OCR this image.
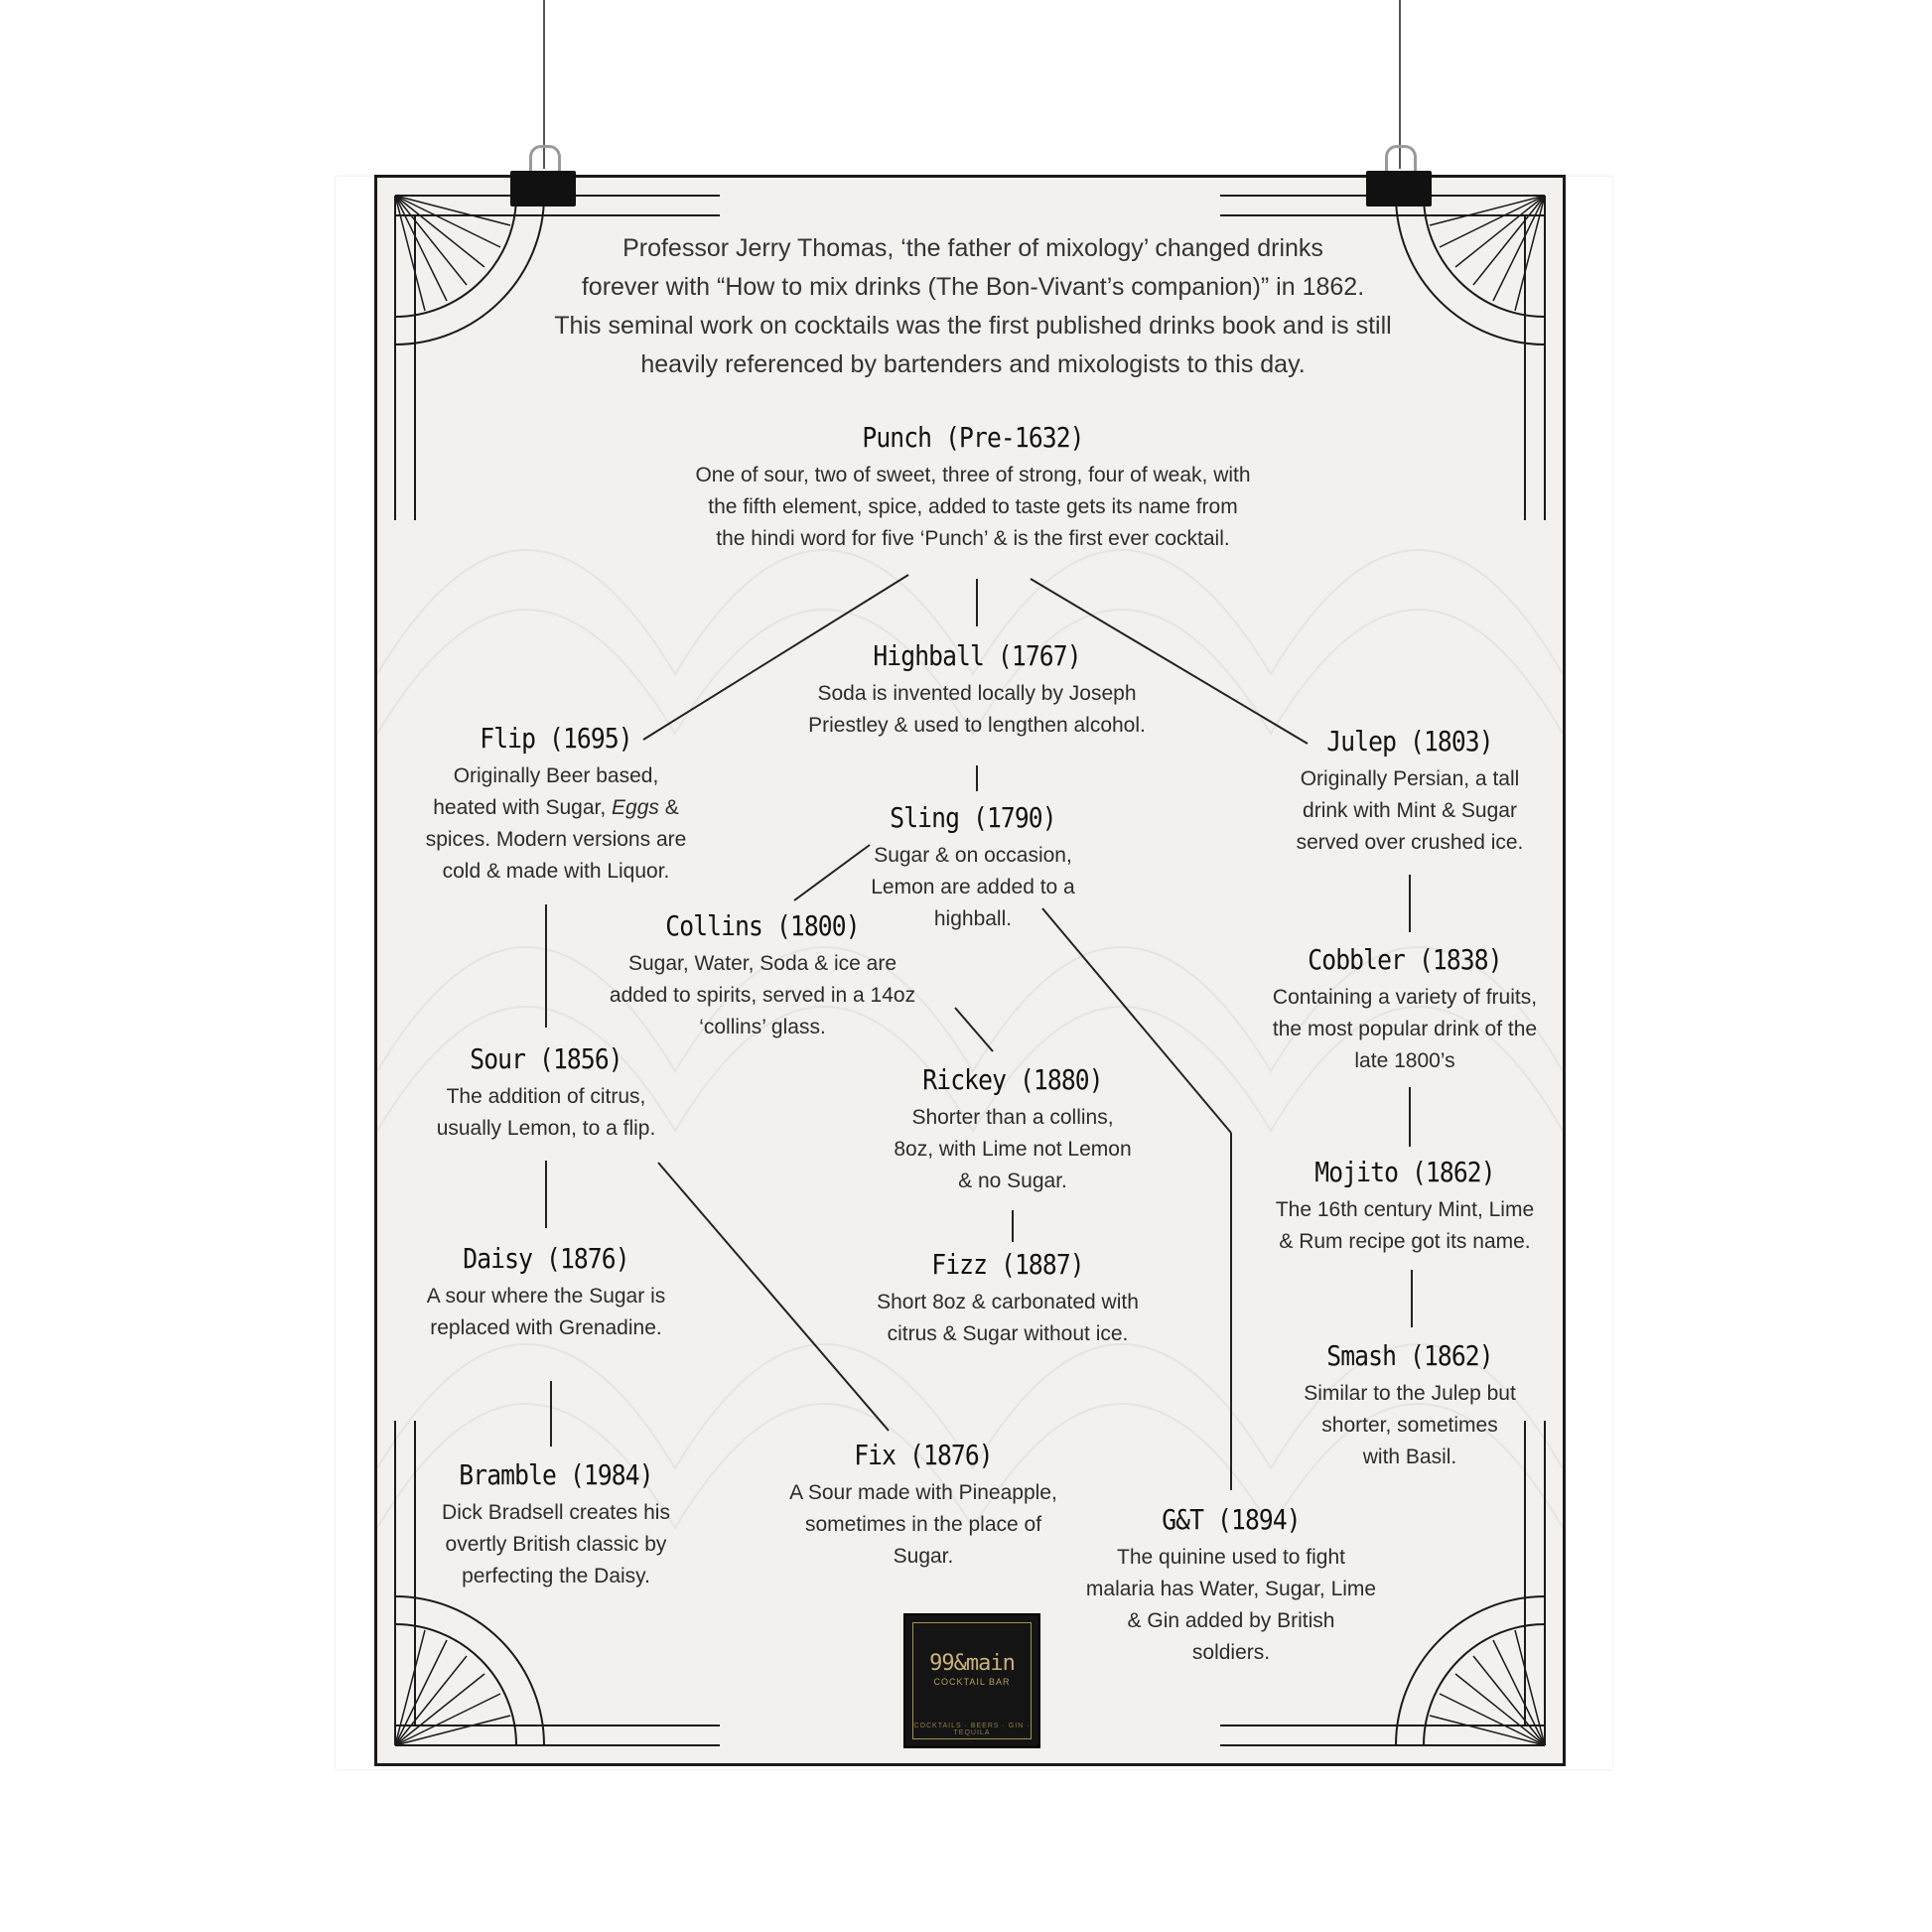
Professor Jerry Thomas, ‘the father of mixology’ changed drinks
forever with “How to mix drinks (The Bon-Vivant’s companion)” in 1862.
This seminal work on cocktails was the first published drinks book and is still
heavily referenced by bartenders and mixologists to this day.

Punch (Pre-1632)

One of sour, two of sweet, three of strong, four of weak, with
the fifth element, spice, added to taste gets its name from
the hindi word for five ‘Punch’ & is the first ever cocktail.

Highball (1767)

Soda is invented locally by Joseph
Priestley & used to lengthen alcohol.

Flip (1695)

Originally Beer based,
heated with Sugar, Eggs &
spices. Modern versions are
cold & made with Liquor.

Julep (1803)

Originally Persian, a tall
drink with Mint & Sugar
served over crushed ice.

Sling (1790)

Sugar & on occasion,
Lemon are added to a
highball.

Collins (1800)

Sugar, Water, Soda & ice are
added to spirits, served in a 14oz
‘collins’ glass.

Cobbler (1838)

Containing a variety of fruits,
the most popular drink of the
late 1800’s

Sour (1856)

The addition of citrus,
usually Lemon, to a flip.

Rickey (1880)

Shorter than a collins,
8oz, with Lime not Lemon
& no Sugar.	Mojito (1862)

The 16th century Mint, Lime
& Rum recipe got its name.

Daisy (1876)

A sour where the Sugar is
replaced with Grenadine.

Fizz (1887)

Short 8oz & carbonated with
citrus & Sugar without ice.

Smash (1862)

Similar to the Julep but
shorter, sometimes
with Basil.

Fix (1876)

A Sour made with Pineapple,
sometimes in the place of
Sugar.

Bramble (1984)

Dick Bradsell creates his
overtly British classic by
perfecting the Daisy.

G&T (1894)

The quinine used to fight
malaria has Water, Sugar, Lime
& Gin added by British
soldiers.

99&main
COCKTAIL BAR
COCKTAILS · BEERS · GIN · TEQUILA
